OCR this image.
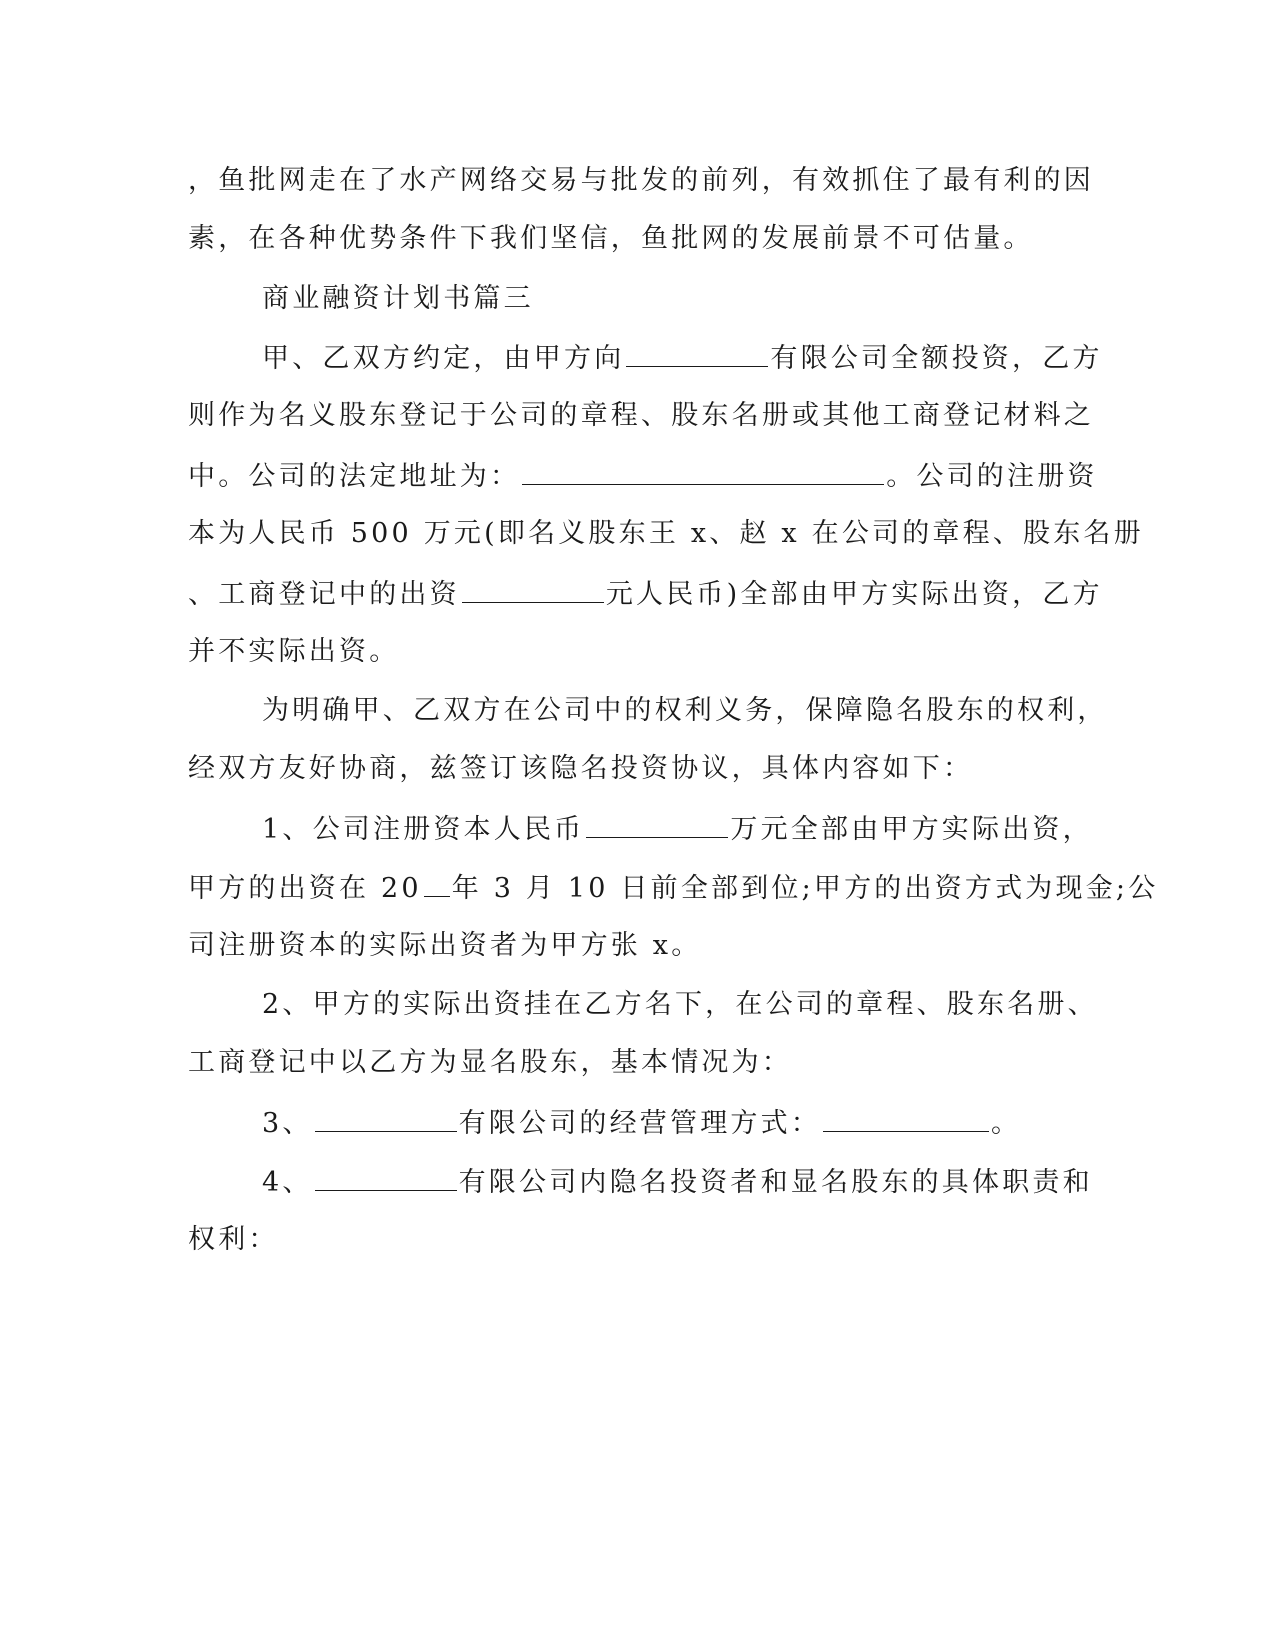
，鱼批网走在了水产网络交易与批发的前列，有效抓住了最有利的因
素，在各种优势条件下我们坚信，鱼批网的发展前景不可估量。
商业融资计划书篇三
甲、乙双方约定，由甲方向	有限公司全额投资，乙方
则作为名义股东登记于公司的章程、股东名册或其他工商登记材料之
中。公司的法定地址为：	。公司的注册资
本为人民币 500 万元(即名义股东王 x、赵 x 在公司的章程、股东名册
、工商登记中的出资	元人民币)全部由甲方实际出资，乙方
并不实际出资。
为明确甲、乙双方在公司中的权利义务，保障隐名股东的权利，
经双方友好协商，兹签订该隐名投资协议，具体内容如下：
1、公司注册资本人民币	万元全部由甲方实际出资，
甲方的出资在 20 年 3 月 10 日前全部到位;甲方的出资方式为现金;公
司注册资本的实际出资者为甲方张 x。
2、甲方的实际出资挂在乙方名下，在公司的章程、股东名册、
工商登记中以乙方为显名股东，基本情况为：
3、	有限公司的经营管理方式：	。
4、	有限公司内隐名投资者和显名股东的具体职责和
权利：
